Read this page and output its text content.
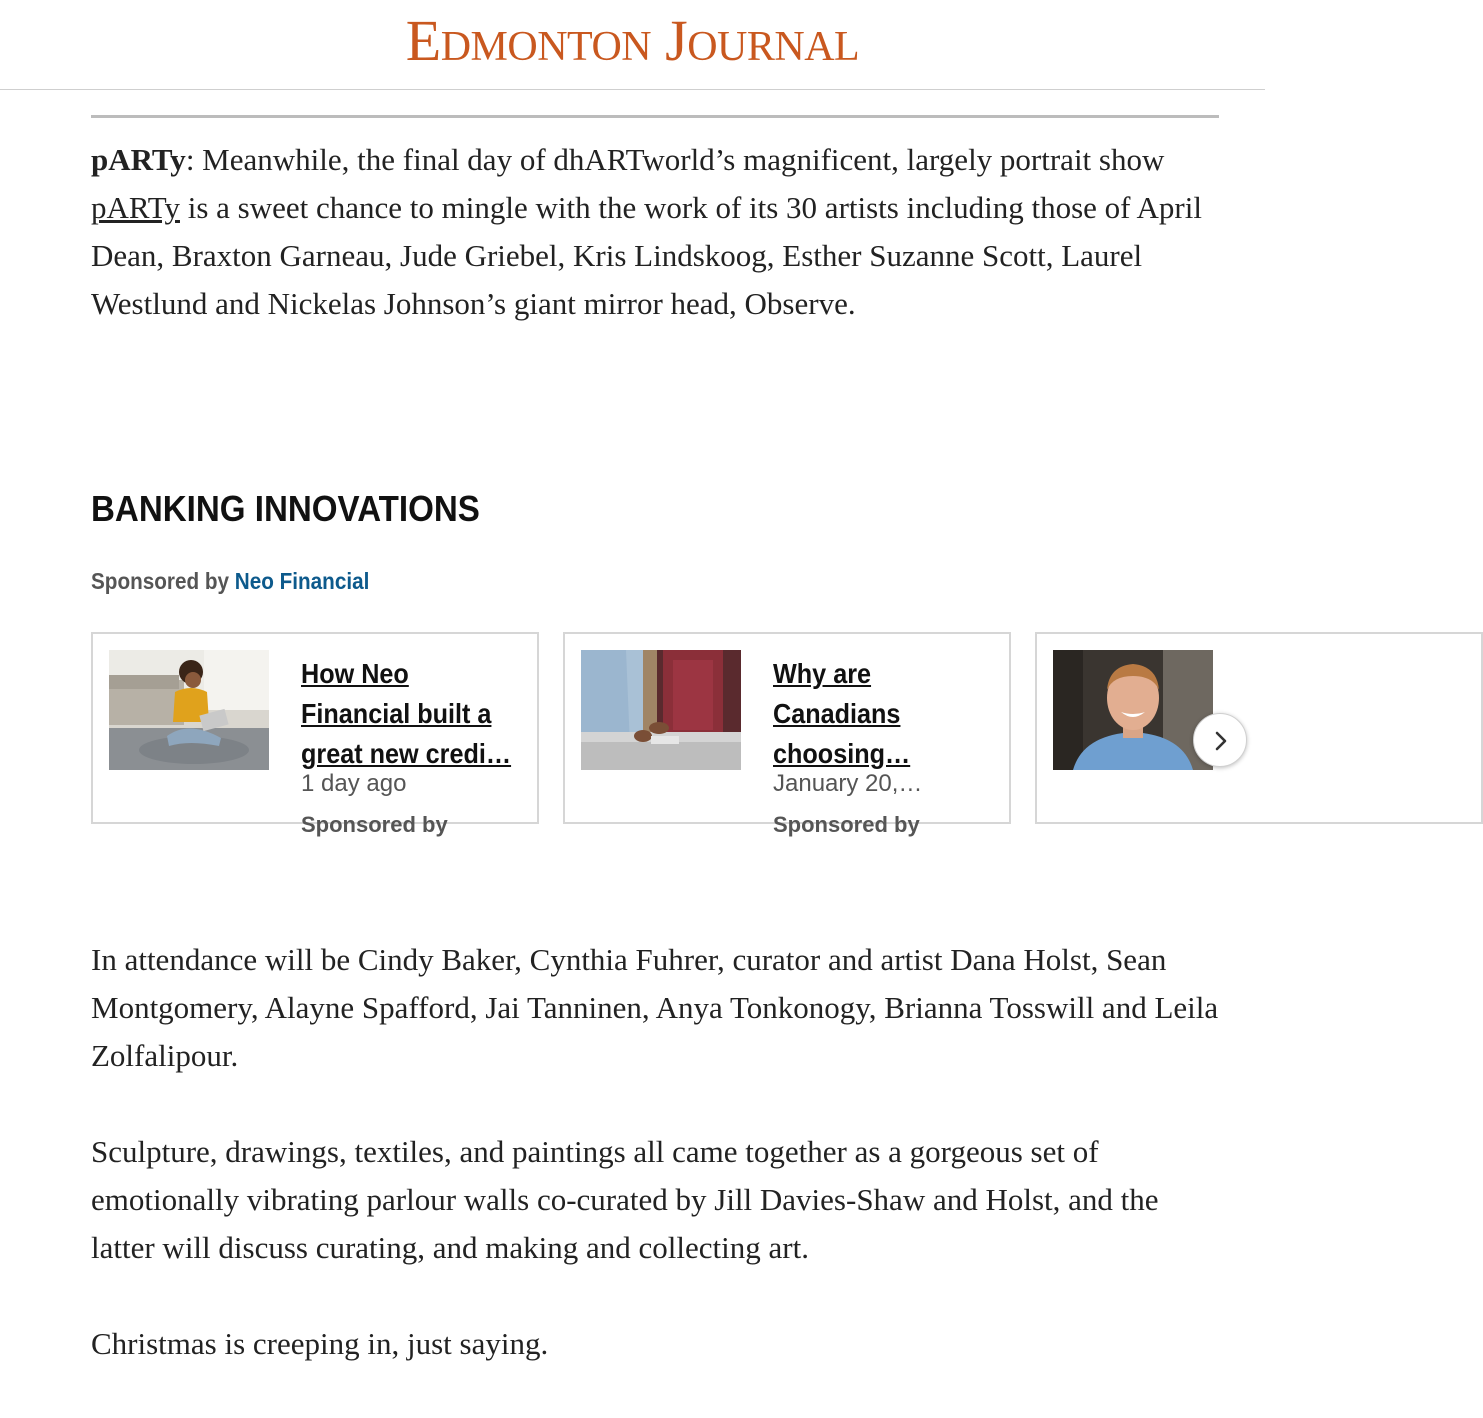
EDMONTON JOURNAL

pARTy: Meanwhile, the final day of dhARTworld’s magnificent, largely portrait show pARTy is a sweet chance to mingle with the work of its 30 artists including those of April Dean, Braxton Garneau, Jude Griebel, Kris Lindskoog, Esther Suzanne Scott, Laurel Westlund and Nickelas Johnson’s giant mirror head, Observe.

BANKING INNOVATIONS
Sponsored by Neo Financial
How Neo
Financial built a
great new credi…
1 day ago
Sponsored by
Why are
Canadians
choosing…
January 20,…
Sponsored by

In attendance will be Cindy Baker, Cynthia Fuhrer, curator and artist Dana Holst, Sean Montgomery, Alayne Spafford, Jai Tanninen, Anya Tonkonogy, Brianna Tosswill and Leila Zolfalipour.

Sculpture, drawings, textiles, and paintings all came together as a gorgeous set of emotionally vibrating parlour walls co-curated by Jill Davies-Shaw and Holst, and the latter will discuss curating, and making and collecting art.

Christmas is creeping in, just saying.
